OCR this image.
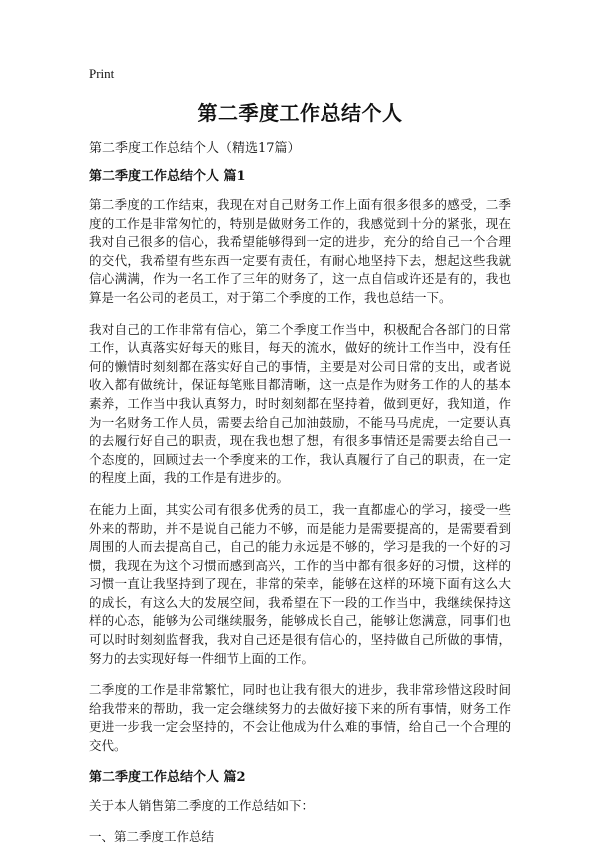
Print
第二季度工作总结个人
第二季度工作总结个人（精选17篇）
第二季度工作总结个人 篇1

第二季度的工作结束，我现在对自己财务工作上面有很多很多的感受，二季度的工作是非常匆忙的，特别是做财务工作的，我感觉到十分的紧张，现在我对自己很多的信心，我希望能够得到一定的进步，充分的给自己一个合理的交代，我希望有些东西一定要有责任，有耐心地坚持下去，想起这些我就信心满满，作为一名工作了三年的财务了，这一点自信或许还是有的，我也算是一名公司的老员工，对于第二个季度的工作，我也总结一下。

我对自己的工作非常有信心，第二个季度工作当中，积极配合各部门的日常工作，认真落实好每天的账目，每天的流水，做好的统计工作当中，没有任何的懒情时刻刻都在落实好自己的事情，主要是对公司日常的支出，或者说收入都有做统计，保证每笔账目都清晰，这一点是作为财务工作的人的基本素养，工作当中我认真努力，时时刻刻都在坚持着，做到更好，我知道，作为一名财务工作人员，需要去给自己加油鼓励，不能马马虎虎，一定要认真的去履行好自己的职责，现在我也想了想，有很多事情还是需要去给自己一个态度的，回顾过去一个季度来的工作，我认真履行了自己的职责，在一定的程度上面，我的工作是有进步的。

在能力上面，其实公司有很多优秀的员工，我一直都虚心的学习，接受一些外来的帮助，并不是说自己能力不够，而是能力是需要提高的，是需要看到周围的人而去提高自己，自己的能力永远是不够的，学习是我的一个好的习惯，我现在为这个习惯而感到高兴，工作的当中都有很多好的习惯，这样的习惯一直让我坚持到了现在，非常的荣幸，能够在这样的环境下面有这么大的成长，有这么大的发展空间，我希望在下一段的工作当中，我继续保持这样的心态，能够为公司继续服务，能够成长自己，能够让您满意，同事们也可以时时刻刻监督我，我对自己还是很有信心的，坚持做自己所做的事情，努力的去实现好每一件细节上面的工作。

二季度的工作是非常繁忙，同时也让我有很大的进步，我非常珍惜这段时间给我带来的帮助，我一定会继续努力的去做好接下来的所有事情，财务工作更进一步我一定会坚持的，不会让他成为什么难的事情，给自己一个合理的交代。

第二季度工作总结个人 篇2
关于本人销售第二季度的工作总结如下：
一、第二季度工作总结
